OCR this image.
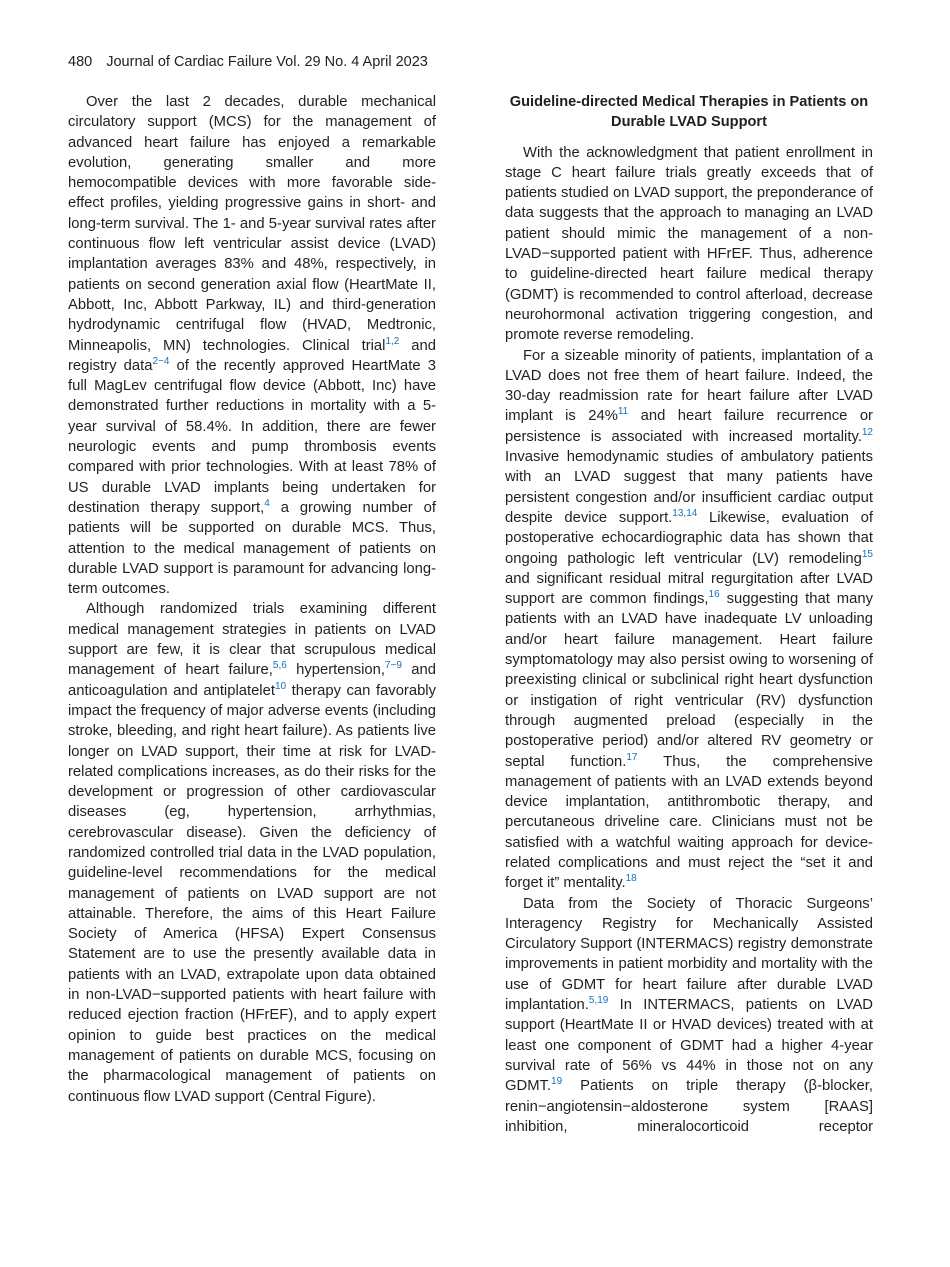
480 Journal of Cardiac Failure Vol. 29 No. 4 April 2023

Over the last 2 decades, durable mechanical circulatory support (MCS) for the management of advanced heart failure has enjoyed a remarkable evolution, generating smaller and more hemocompatible devices with more favorable side-effect profiles, yielding progressive gains in short- and long-term survival. The 1- and 5-year survival rates after continuous flow left ventricular assist device (LVAD) implantation averages 83% and 48%, respectively, in patients on second generation axial flow (HeartMate II, Abbott, Inc, Abbott Parkway, IL) and third-generation hydrodynamic centrifugal flow (HVAD, Medtronic, Minneapolis, MN) technologies. Clinical trial$^{1,2}$ and registry data$^{2-4}$ of the recently approved HeartMate 3 full MagLev centrifugal flow device (Abbott, Inc) have demonstrated further reductions in mortality with a 5-year survival of 58.4%. In addition, there are fewer neurologic events and pump thrombosis events compared with prior technologies. With at least 78% of US durable LVAD implants being undertaken for destination therapy support,$^4$ a growing number of patients will be supported on durable MCS. Thus, attention to the medical management of patients on durable LVAD support is paramount for advancing long-term outcomes.

Although randomized trials examining different medical management strategies in patients on LVAD support are few, it is clear that scrupulous medical management of heart failure,$^{5,6}$ hypertension,$^{7-9}$ and anticoagulation and antiplatelet$^{10}$ therapy can favorably impact the frequency of major adverse events (including stroke, bleeding, and right heart failure). As patients live longer on LVAD support, their time at risk for LVAD-related complications increases, as do their risks for the development or progression of other cardiovascular diseases (eg, hypertension, arrhythmias, cerebrovascular disease). Given the deficiency of randomized controlled trial data in the LVAD population, guideline-level recommendations for the medical management of patients on LVAD support are not attainable. Therefore, the aims of this Heart Failure Society of America (HFSA) Expert Consensus Statement are to use the presently available data in patients with an LVAD, extrapolate upon data obtained in non-LVAD−supported patients with heart failure with reduced ejection fraction (HFrEF), and to apply expert opinion to guide best practices on the medical management of patients on durable MCS, focusing on the pharmacological management of patients on continuous flow LVAD support (Central Figure).

Guideline-directed Medical Therapies in Patients on Durable LVAD Support

With the acknowledgment that patient enrollment in stage C heart failure trials greatly exceeds that of patients studied on LVAD support, the preponderance of data suggests that the approach to managing an LVAD patient should mimic the management of a non-LVAD−supported patient with HFrEF. Thus, adherence to guideline-directed heart failure medical therapy (GDMT) is recommended to control afterload, decrease neurohormonal activation triggering congestion, and promote reverse remodeling.

For a sizeable minority of patients, implantation of a LVAD does not free them of heart failure. Indeed, the 30-day readmission rate for heart failure after LVAD implant is 24%$^{11}$ and heart failure recurrence or persistence is associated with increased mortality.$^{12}$ Invasive hemodynamic studies of ambulatory patients with an LVAD suggest that many patients have persistent congestion and/or insufficient cardiac output despite device support.$^{13,14}$ Likewise, evaluation of postoperative echocardiographic data has shown that ongoing pathologic left ventricular (LV) remodeling$^{15}$ and significant residual mitral regurgitation after LVAD support are common findings,$^{16}$ suggesting that many patients with an LVAD have inadequate LV unloading and/or heart failure management. Heart failure symptomatology may also persist owing to worsening of preexisting clinical or subclinical right heart dysfunction or instigation of right ventricular (RV) dysfunction through augmented preload (especially in the postoperative period) and/or altered RV geometry or septal function.$^{17}$ Thus, the comprehensive management of patients with an LVAD extends beyond device implantation, antithrombotic therapy, and percutaneous driveline care. Clinicians must not be satisfied with a watchful waiting approach for device-related complications and must reject the “set it and forget it” mentality.$^{18}$

Data from the Society of Thoracic Surgeons’ Interagency Registry for Mechanically Assisted Circulatory Support (INTERMACS) registry demonstrate improvements in patient morbidity and mortality with the use of GDMT for heart failure after durable LVAD implantation.$^{5,19}$ In INTERMACS, patients on LVAD support (HeartMate II or HVAD devices) treated with at least one component of GDMT had a higher 4-year survival rate of 56% vs 44% in those not on any GDMT.$^{19}$ Patients on triple therapy (β-blocker, renin−angiotensin−aldosterone system [RAAS] inhibition, mineralocorticoid receptor
